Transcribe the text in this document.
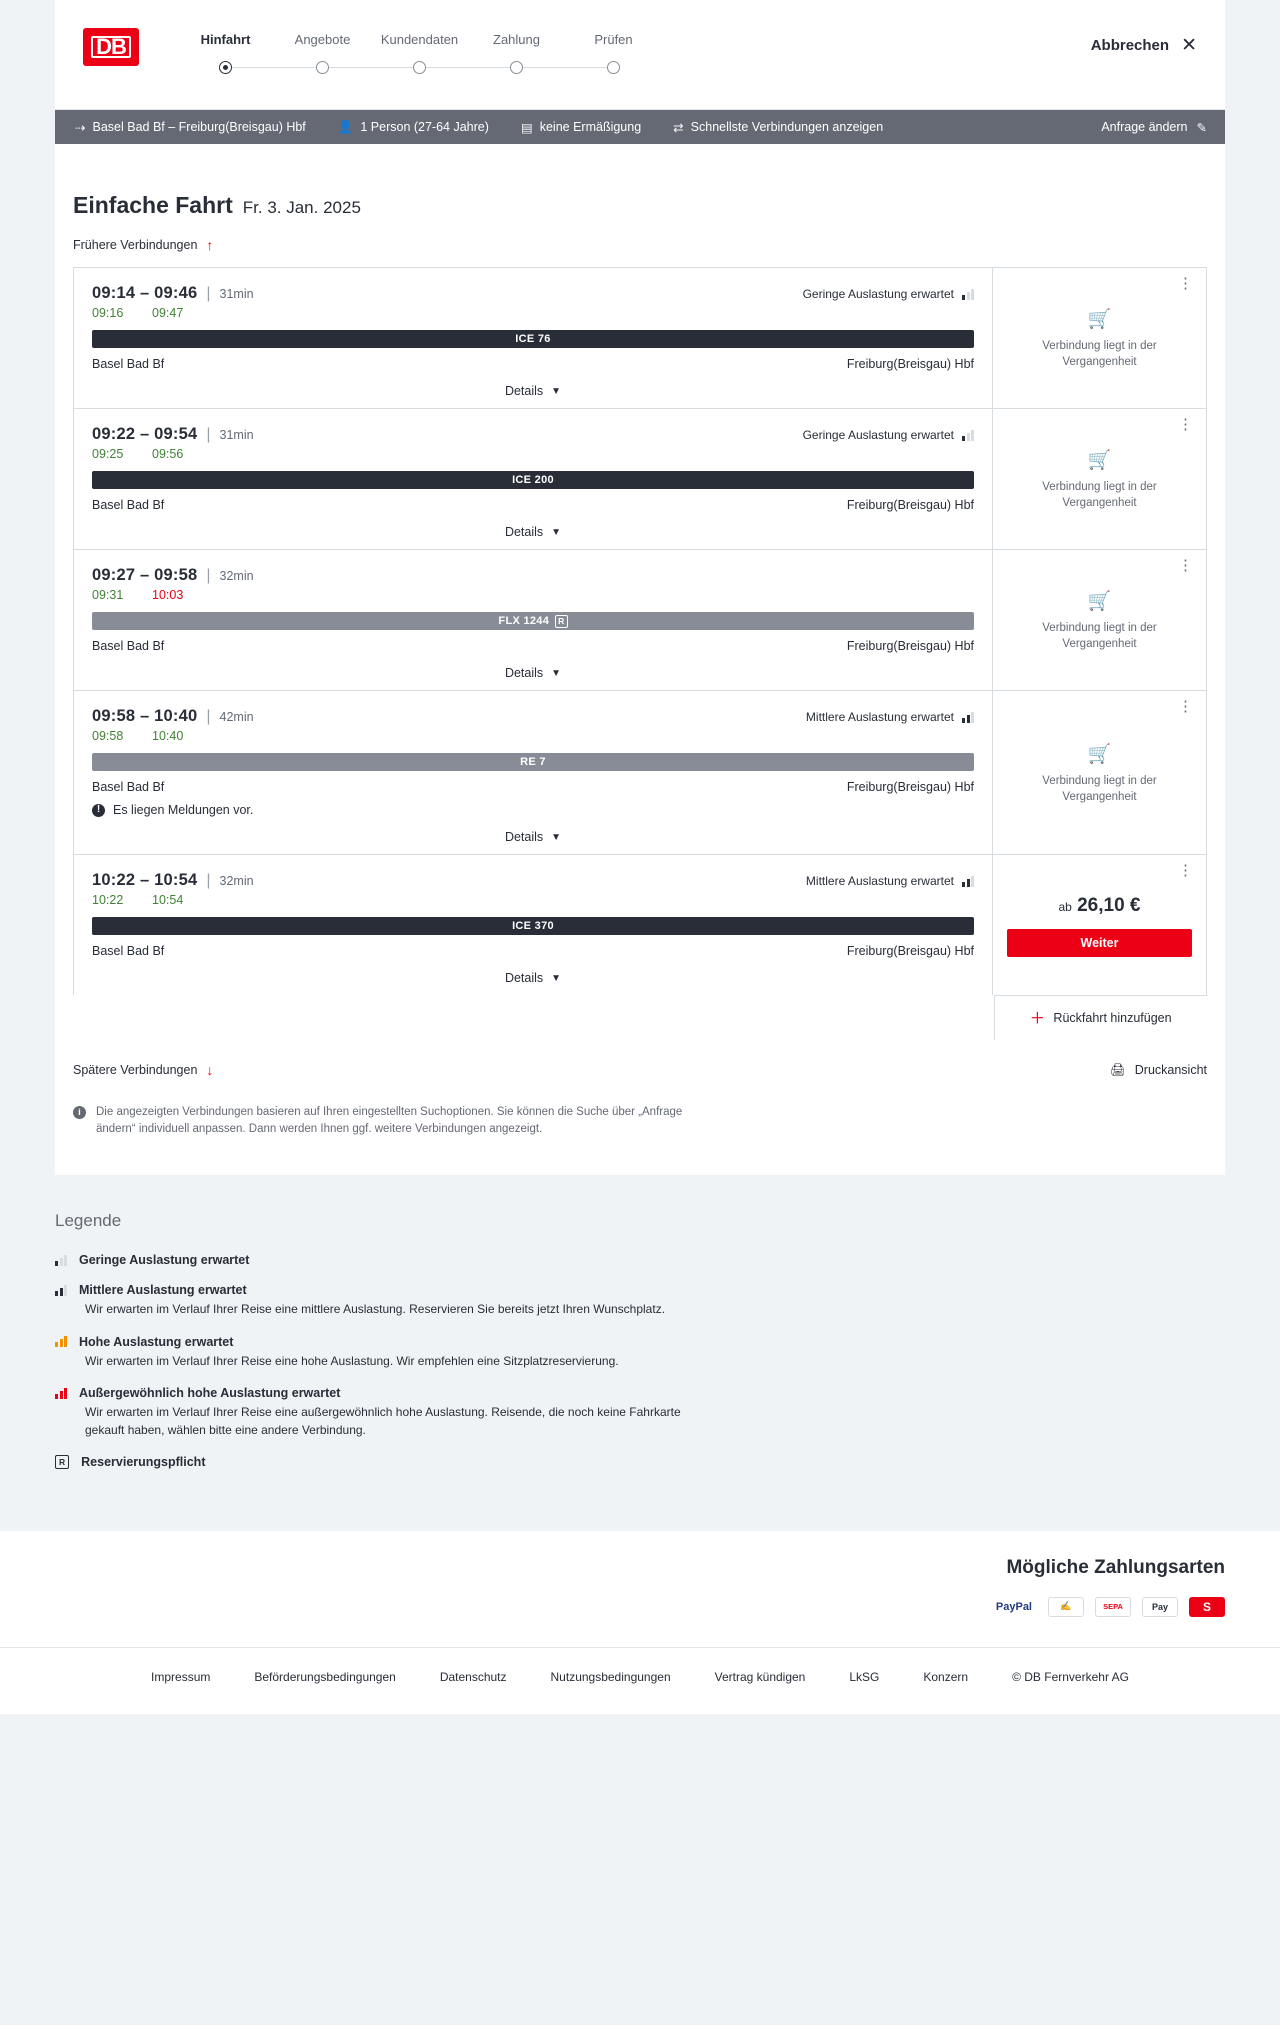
DB	Hinfahrt	Angebote	Kundendaten	Zahlung	Prüfen	Abbrechen ✕
⇢ Basel Bad Bf – Freiburg(Breisgau) Hbf	👤 1 Person (27-64 Jahre)	▤ keine Ermäßigung	⇄ Schnellste Verbindungen anzeigen	Anfrage ändern ✎
Einfache Fahrt Fr. 3. Jan. 2025
Frühere Verbindungen ↑
09:14 – 09:46 | 31min	Geringe Auslastung erwartet
09:16	09:47
ICE 76
Basel Bad Bf	Freiburg(Breisgau) Hbf
Details ▼
⋮
🛒
Verbindung liegt in der Vergangenheit
09:22 – 09:54 | 31min	Geringe Auslastung erwartet
09:25	09:56
ICE 200
Basel Bad Bf	Freiburg(Breisgau) Hbf
Details ▼
⋮
🛒
Verbindung liegt in der Vergangenheit
09:27 – 09:58 | 32min
09:31	10:03
FLX 1244	R
Basel Bad Bf	Freiburg(Breisgau) Hbf
Details ▼
⋮
🛒
Verbindung liegt in der Vergangenheit
09:58 – 10:40 | 42min	Mittlere Auslastung erwartet
09:58	10:40
RE 7
Basel Bad Bf	Freiburg(Breisgau) Hbf
!	Es liegen Meldungen vor.
Details ▼
⋮
🛒
Verbindung liegt in der Vergangenheit
10:22 – 10:54 | 32min	Mittlere Auslastung erwartet
10:22	10:54
ICE 370
Basel Bad Bf	Freiburg(Breisgau) Hbf
Details ▼
⋮
ab 26,10 €
Weiter
＋ Rückfahrt hinzufügen
Spätere Verbindungen ↓	🖨 Druckansicht
i	Die angezeigten Verbindungen basieren auf Ihren eingestellten Suchoptionen. Sie können die Suche über „Anfrage ändern“ individuell anpassen. Dann werden Ihnen ggf. weitere Verbindungen angezeigt.
Legende
Geringe Auslastung erwartet
Mittlere Auslastung erwartet
Wir erwarten im Verlauf Ihrer Reise eine mittlere Auslastung. Reservieren Sie bereits jetzt Ihren Wunschplatz.
Hohe Auslastung erwartet
Wir erwarten im Verlauf Ihrer Reise eine hohe Auslastung. Wir empfehlen eine Sitzplatzreservierung.
Außergewöhnlich hohe Auslastung erwartet
Wir erwarten im Verlauf Ihrer Reise eine außergewöhnlich hohe Auslastung. Reisende, die noch keine Fahrkarte gekauft haben, wählen bitte eine andere Verbindung.
R	Reservierungspflicht
Mögliche Zahlungsarten
PayPal	✍	SEPA	Pay	S
Impressum	Beförderungsbedingungen	Datenschutz	Nutzungsbedingungen	Vertrag kündigen	LkSG	Konzern	© DB Fernverkehr AG
